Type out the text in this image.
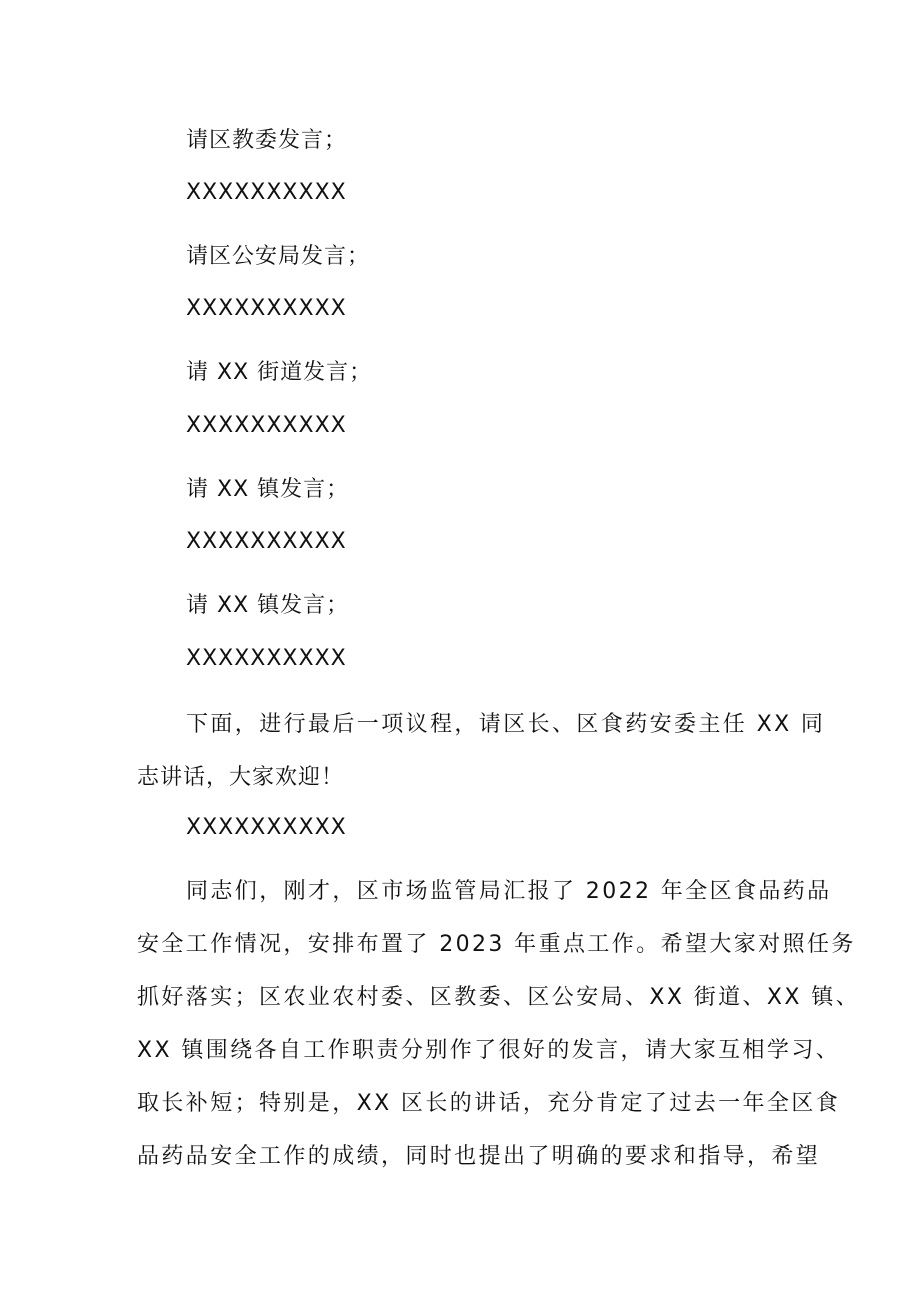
请区教委发言；
XXXXXXXXXX
请区公安局发言；
XXXXXXXXXX
请 XX 街道发言；
XXXXXXXXXX
请 XX 镇发言；
XXXXXXXXXX
请 XX 镇发言；
XXXXXXXXXX
下面，进行最后一项议程，请区长、区食药安委主任 XX 同
志讲话，大家欢迎！
XXXXXXXXXX
同志们，刚才，区市场监管局汇报了 2022 年全区食品药品
安全工作情况，安排布置了 2023 年重点工作。希望大家对照任务
抓好落实；区农业农村委、区教委、区公安局、XX 街道、XX 镇、
XX 镇围绕各自工作职责分别作了很好的发言，请大家互相学习、
取长补短；特别是，XX 区长的讲话，充分肯定了过去一年全区食
品药品安全工作的成绩，同时也提出了明确的要求和指导，希望
